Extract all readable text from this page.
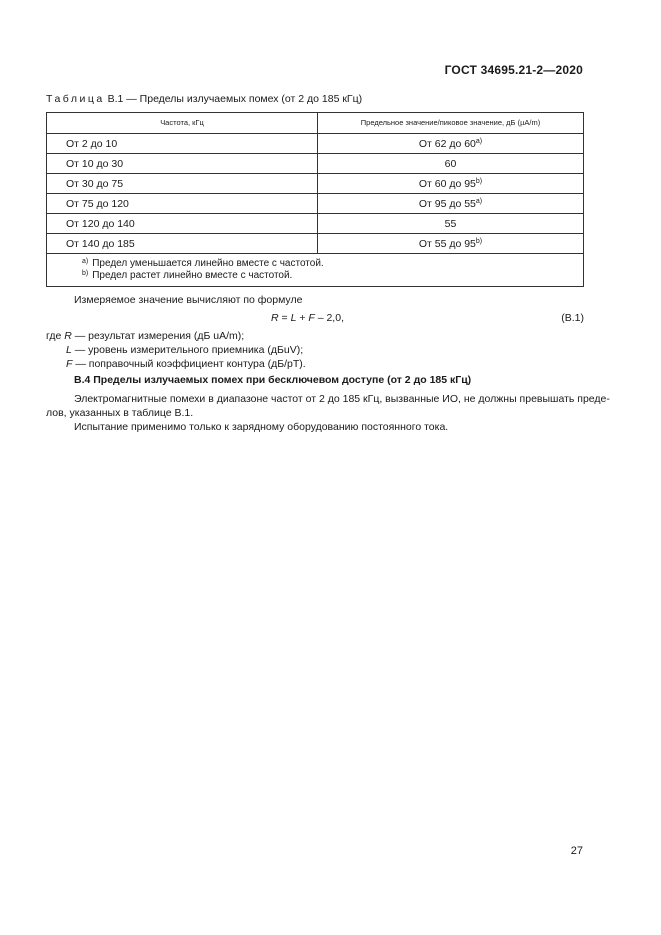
ГОСТ 34695.21-2—2020
Таблица В.1 — Пределы излучаемых помех (от 2 до 185 кГц)
Частота, кГц	Предельное значение/пиковое значение, дБ (µA/m)
От 2 до 10	От 62 до 60$^{a)}$
От 10 до 30	60
От 30 до 75	От 60 до 95$^{b)}$
От 75 до 120	От 95 до 55$^{a)}$
От 120 до 140	55
От 140 до 185	От 55 до 95$^{b)}$

$^{a)}$ Предел уменьшается линейно вместе с частотой.
$^{b)}$ Предел растет линейно вместе с частотой.	
Измеряемое значение вычисляют по формуле
R = L + F – 2,0,	(В.1)
где R — результат измерения (дБ uA/m);
L — уровень измерительного приемника (дБuV);
F — поправочный коэффициент контура (дБ/pT).
В.4 Пределы излучаемых помех при бесключевом доступе (от 2 до 185 кГц)
Электромагнитные помехи в диапазоне частот от 2 до 185 кГц, вызванные ИО, не должны превышать преде-
лов, указанных в таблице В.1.
Испытание применимо только к зарядному оборудованию постоянного тока.
27
